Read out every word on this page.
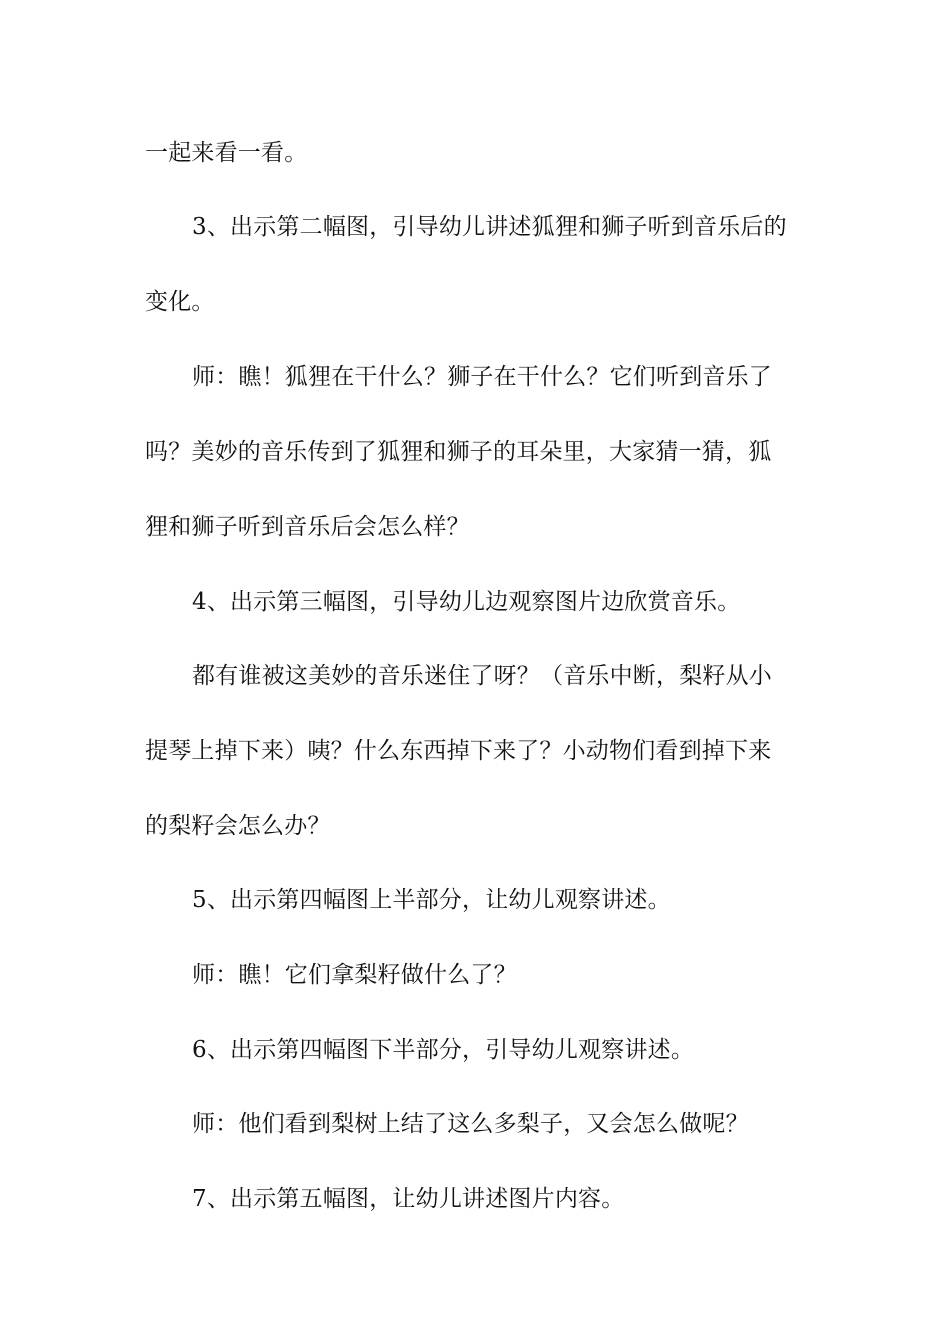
一起来看一看。
3、出示第二幅图，引导幼儿讲述狐狸和狮子听到音乐后的
变化。
师：瞧！狐狸在干什么？狮子在干什么？它们听到音乐了
吗？美妙的音乐传到了狐狸和狮子的耳朵里，大家猜一猜，狐
狸和狮子听到音乐后会怎么样？
4、出示第三幅图，引导幼儿边观察图片边欣赏音乐。
都有谁被这美妙的音乐迷住了呀？（音乐中断，梨籽从小
提琴上掉下来）咦？什么东西掉下来了？小动物们看到掉下来
的梨籽会怎么办？
5、出示第四幅图上半部分，让幼儿观察讲述。
师：瞧！它们拿梨籽做什么了？
6、出示第四幅图下半部分，引导幼儿观察讲述。
师：他们看到梨树上结了这么多梨子，又会怎么做呢？
7、出示第五幅图，让幼儿讲述图片内容。
